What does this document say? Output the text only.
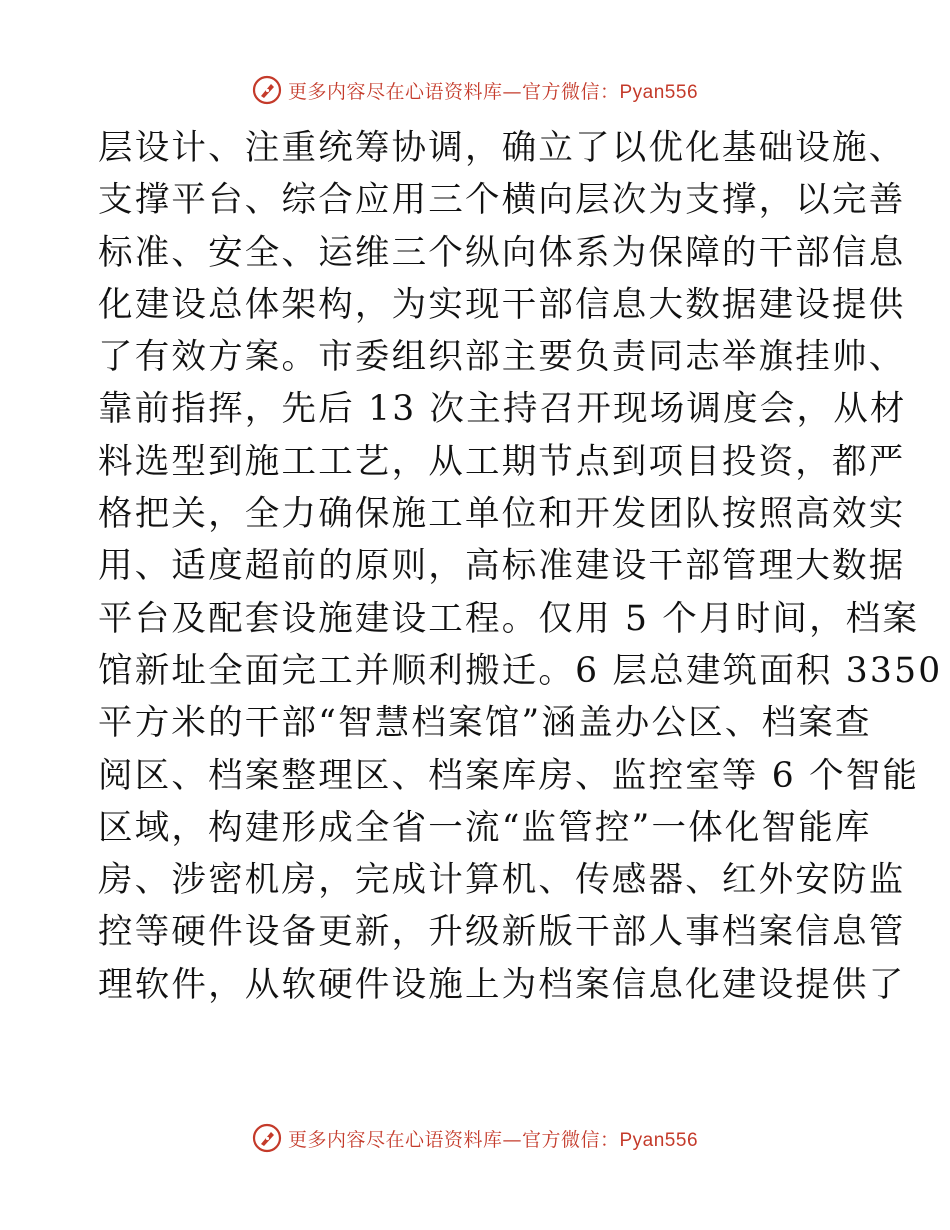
更多内容尽在心语资料库—官方微信：Pyan556
层设计、注重统筹协调，确立了以优化基础设施、
支撑平台、综合应用三个横向层次为支撑，以完善
标准、安全、运维三个纵向体系为保障的干部信息
化建设总体架构，为实现干部信息大数据建设提供
了有效方案。市委组织部主要负责同志举旗挂帅、
靠前指挥，先后 13 次主持召开现场调度会，从材
料选型到施工工艺，从工期节点到项目投资，都严
格把关，全力确保施工单位和开发团队按照高效实
用、适度超前的原则，高标准建设干部管理大数据
平台及配套设施建设工程。仅用 5 个月时间，档案
馆新址全面完工并顺利搬迁。6 层总建筑面积 3350
平方米的干部“智慧档案馆”涵盖办公区、档案查
阅区、档案整理区、档案库房、监控室等 6 个智能
区域，构建形成全省一流“监管控”一体化智能库
房、涉密机房，完成计算机、传感器、红外安防监
控等硬件设备更新，升级新版干部人事档案信息管
理软件，从软硬件设施上为档案信息化建设提供了
更多内容尽在心语资料库—官方微信：Pyan556
